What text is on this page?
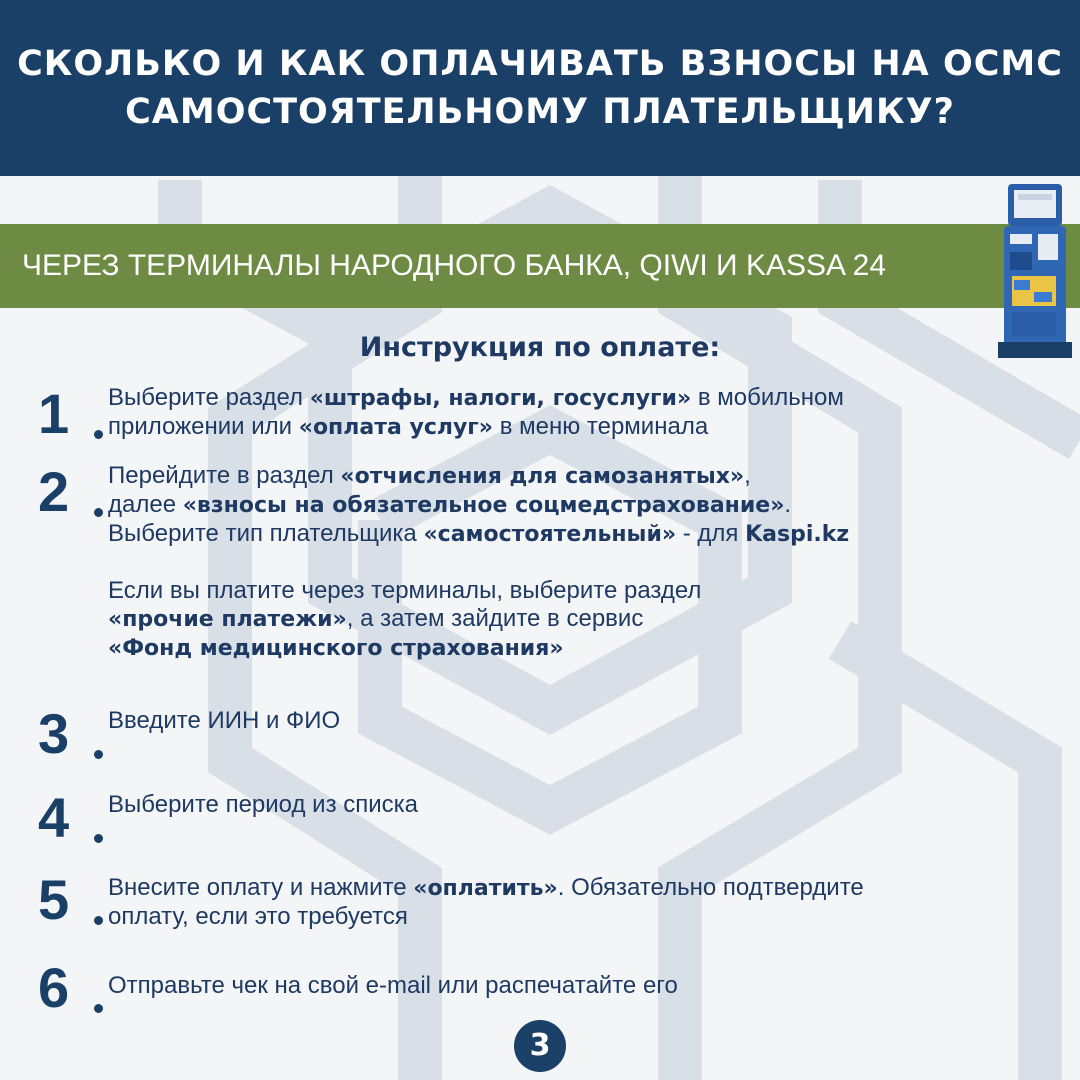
СКОЛЬКО И КАК ОПЛАЧИВАТЬ ВЗНОСЫ НА ОСМС
САМОСТОЯТЕЛЬНОМУ ПЛАТЕЛЬЩИКУ?
ЧЕРЕЗ ТЕРМИНАЛЫ НАРОДНОГО БАНКА, QIWI И KASSA 24
Инструкция по оплате:
1	Выберите раздел «штрафы, налоги, госуслуги» в мобильном
приложении или «оплата услуг» в меню терминала
2	Перейдите в раздел «отчисления для самозанятых»,
далее «взносы на обязательное соцмедстрахование».
Выберите тип плательщика «самостоятельный» - для Kaspi.kz

Если вы платите через терминалы, выберите раздел
«прочие платежи», а затем зайдите в сервис
«Фонд медицинского страхования»
3	Введите ИИН и ФИО
4	Выберите период из списка
5	Внесите оплату и нажмите «оплатить». Обязательно подтвердите
оплату, если это требуется
6	Отправьте чек на свой e-mail или распечатайте его
3
